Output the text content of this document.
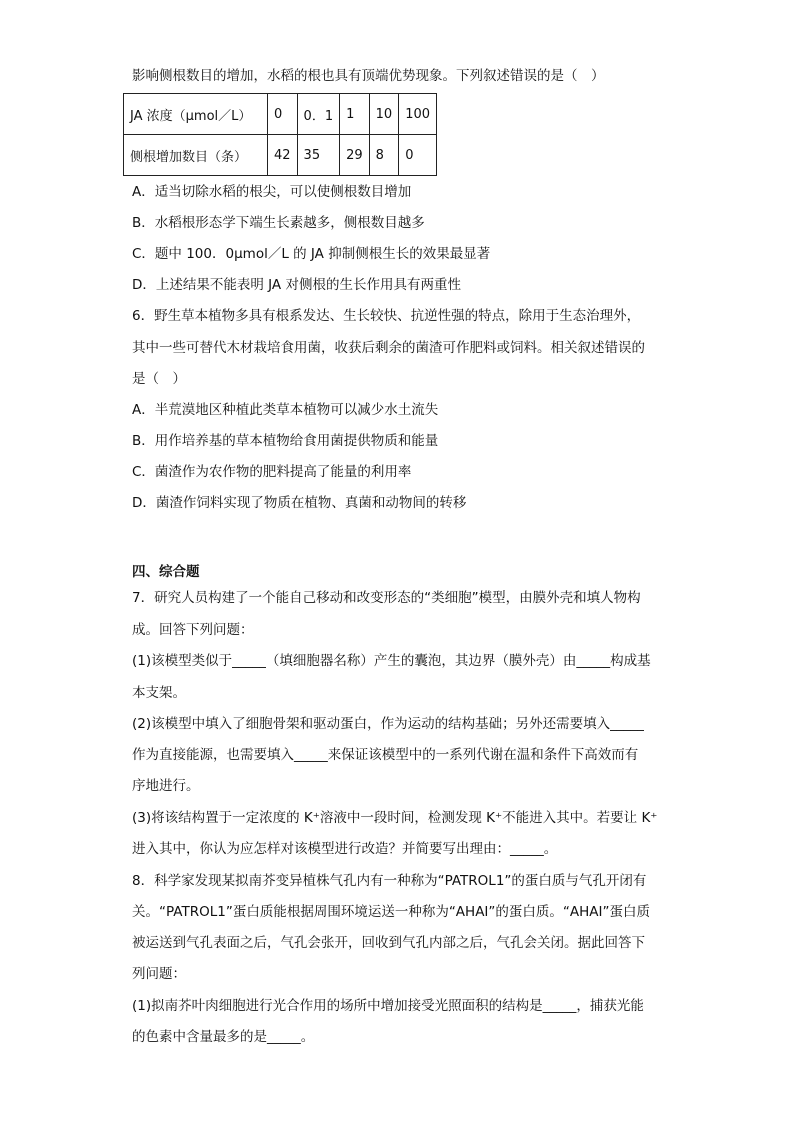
影响侧根数目的增加，水稻的根也具有顶端优势现象。下列叙述错误的是（　）
JA 浓度（μmol／L）	0	0．1	1	10	100
侧根增加数目（条）	42	35	29	8	0
A．适当切除水稻的根尖，可以使侧根数目增加
B．水稻根形态学下端生长素越多，侧根数目越多
C．题中 100．0μmol／L 的 JA 抑制侧根生长的效果最显著
D．上述结果不能表明 JA 对侧根的生长作用具有两重性
6．野生草本植物多具有根系发达、生长较快、抗逆性强的特点，除用于生态治理外，
其中一些可替代木材栽培食用菌，收获后剩余的菌渣可作肥料或饲料。相关叙述错误的
是（　）
A．半荒漠地区种植此类草本植物可以减少水土流失
B．用作培养基的草本植物给食用菌提供物质和能量
C．菌渣作为农作物的肥料提高了能量的利用率
D．菌渣作饲料实现了物质在植物、真菌和动物间的转移
四、综合题
7．研究人员构建了一个能自己移动和改变形态的“类细胞”模型，由膜外壳和填人物构
成。回答下列问题：
(1)该模型类似于_____（填细胞器名称）产生的囊泡，其边界（膜外壳）由_____构成基
本支架。
(2)该模型中填入了细胞骨架和驱动蛋白，作为运动的结构基础；另外还需要填入_____
作为直接能源，也需要填入_____来保证该模型中的一系列代谢在温和条件下高效而有
序地进行。
(3)将该结构置于一定浓度的 K⁺溶液中一段时间，检测发现 K⁺不能进入其中。若要让 K⁺
进入其中，你认为应怎样对该模型进行改造？并简要写出理由：_____。
8．科学家发现某拟南芥变异植株气孔内有一种称为“PATROL1”的蛋白质与气孔开闭有
关。“PATROL1”蛋白质能根据周围环境运送一种称为“AHAI”的蛋白质。“AHAI”蛋白质
被运送到气孔表面之后，气孔会张开，回收到气孔内部之后，气孔会关闭。据此回答下
列问题：
(1)拟南芥叶肉细胞进行光合作用的场所中增加接受光照面积的结构是_____，捕获光能
的色素中含量最多的是_____。
